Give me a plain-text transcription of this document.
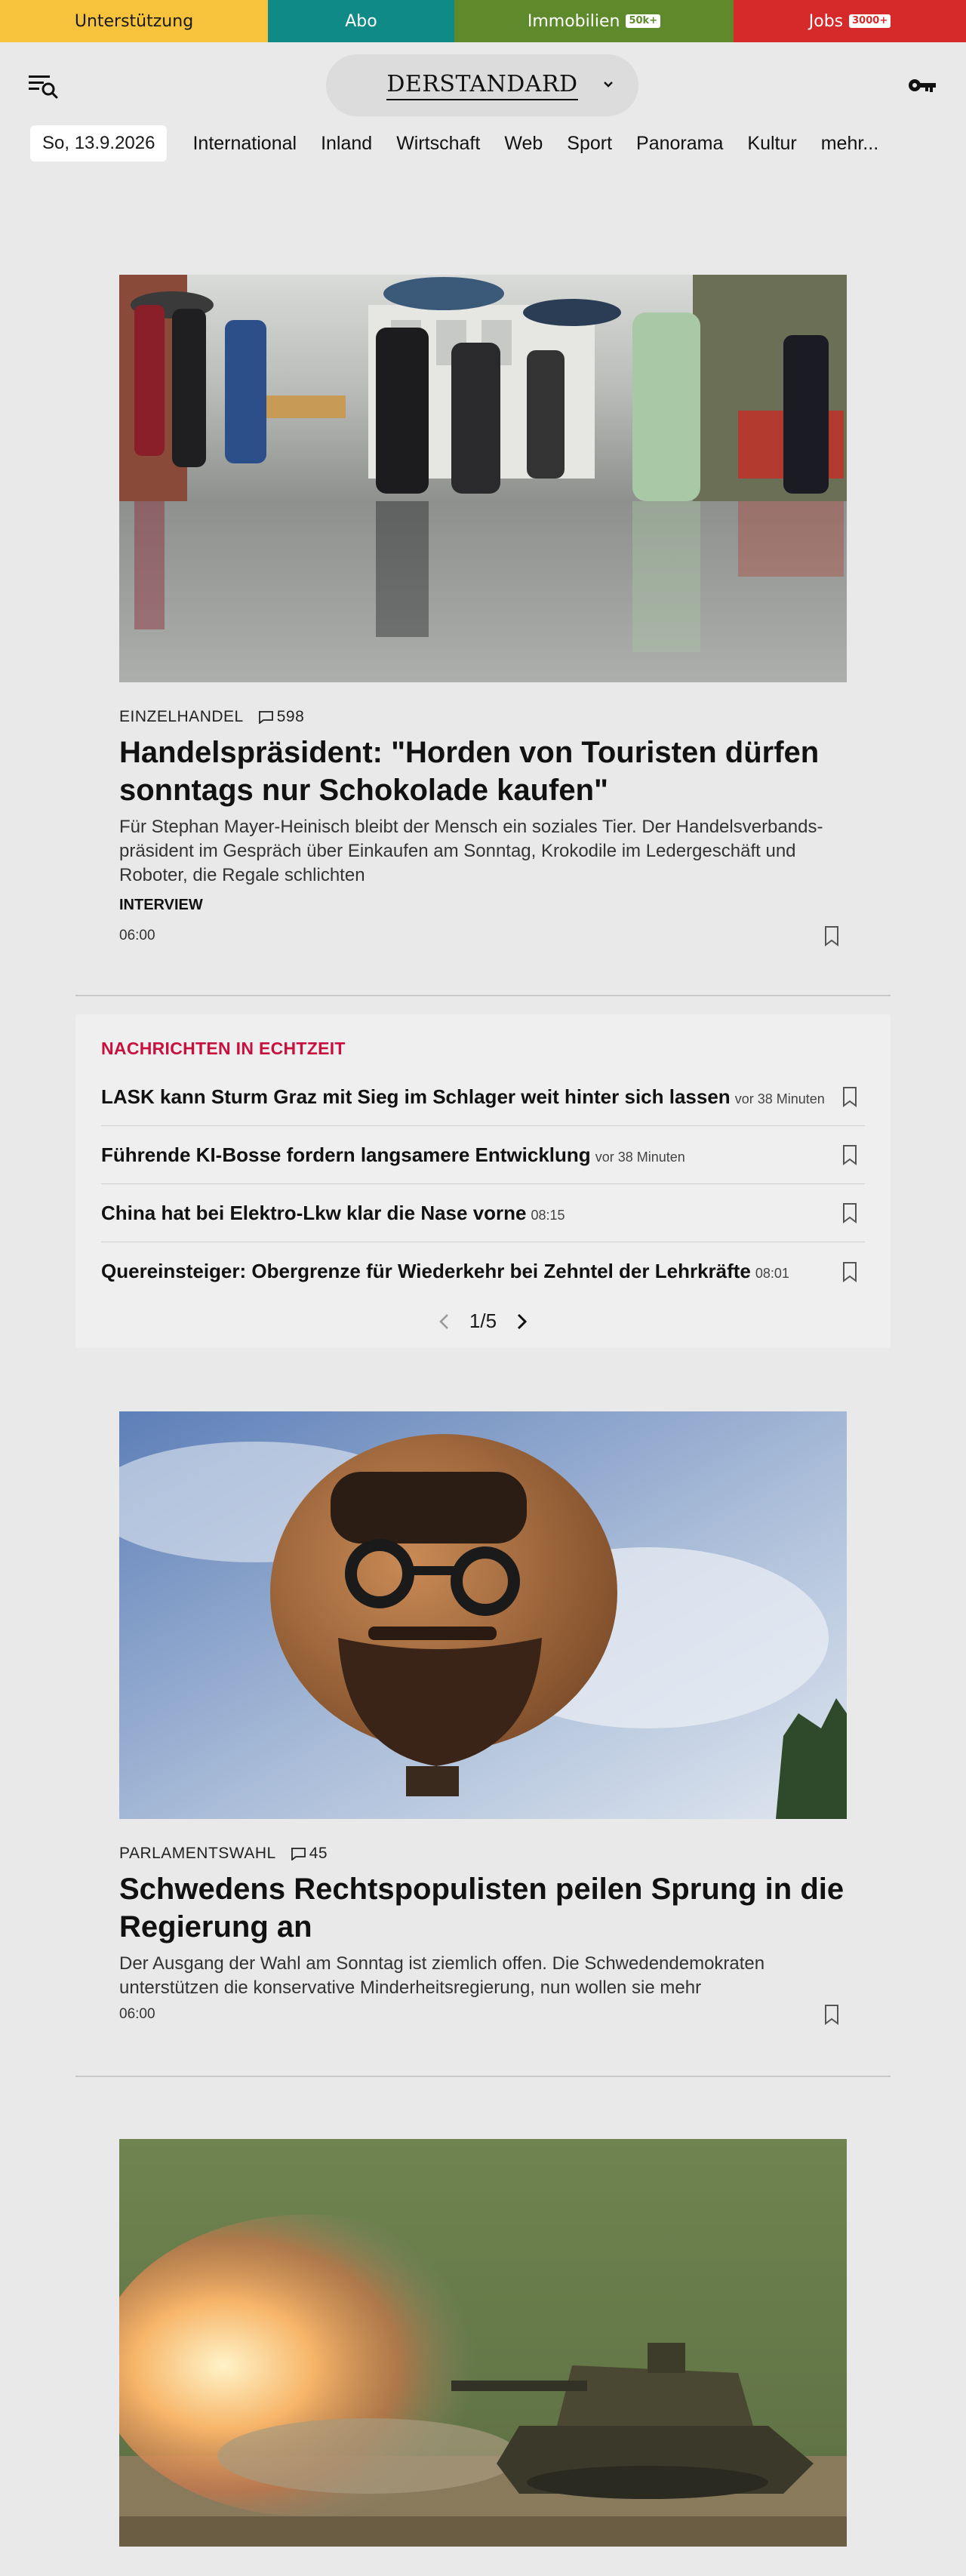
Unterstützung	Abo	Immobilien 50k+	Jobs 3000+
DERSTANDARD
So, 13.9.2026	International Inland Wirtschaft Web Sport Panorama Kultur mehr...
EINZELHANDEL 598
Handelspräsident: "Horden von Touristen dürfen sonntags nur Schokolade kaufen"

Für Stephan Mayer-Heinisch bleibt der Mensch ein soziales Tier. Der Handelsverbands-präsident im Gespräch über Einkaufen am Sonntag, Krokodile im Ledergeschäft und Roboter, die Regale schlichten

INTERVIEW
06:00
NACHRICHTEN IN ECHTZEIT
LASK kann Sturm Graz mit Sieg im Schlager weit hinter sich lassen vor 38 Minuten
Führende KI-Bosse fordern langsamere Entwicklung vor 38 Minuten
China hat bei Elektro-Lkw klar die Nase vorne 08:15
Quereinsteiger: Obergrenze für Wiederkehr bei Zehntel der Lehrkräfte 08:01
1/5
PARLAMENTSWAHL 45
Schwedens Rechtspopulisten peilen Sprung in die Regierung an

Der Ausgang der Wahl am Sonntag ist ziemlich offen. Die Schwedendemokraten unterstützen die konservative Minderheitsregierung, nun wollen sie mehr

06:00
